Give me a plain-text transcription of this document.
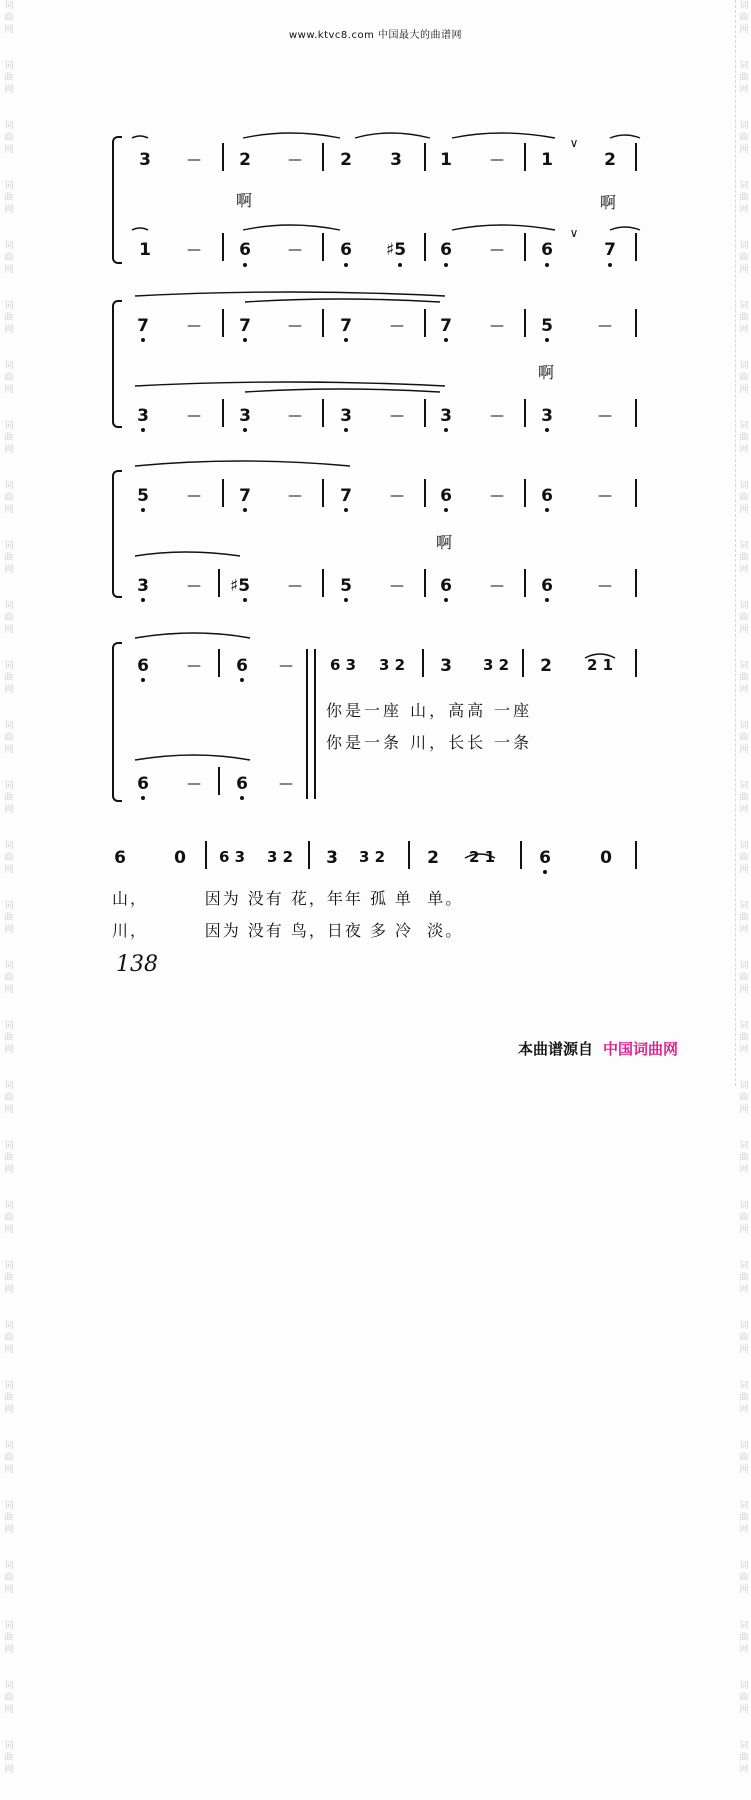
词
曲
网
词
曲
网
词
曲
网
词
曲
网
词
曲
网
词
曲
网
词
曲
网
词
曲
网
词
曲
网
词
曲
网
词
曲
网
词
曲
网
词
曲
网
词
曲
网
词
曲
网
词
曲
网
词
曲
网
词
曲
网
词
曲
网
词
曲
网
词
曲
网
词
曲
网
词
曲
网
词
曲
网
词
曲
网
词
曲
网
词
曲
网
词
曲
网
词
曲
网
词
曲
网
词
曲
网
词
曲
网
词
曲
网
词
曲
网
词
曲
网
词
曲
网
词
曲
网
词
曲
网
词
曲
网
词
曲
网
词
曲
网
词
曲
网
词
曲
网
词
曲
网
词
曲
网
词
曲
网
词
曲
网
词
曲
网
词
曲
网
词
曲
网
词
曲
网
词
曲
网
词
曲
网
词
曲
网
词
曲
网
词
曲
网
词
曲
网
词
曲
网
词
曲
网
词
曲
网
www.ktvc8.com 中国最大的曲谱网
3	— 2	— 2 3 1	— 1
∨
2
啊	啊
1	— 6	— 6 ♯5 6	— 6
∨
7
7	— 7	— 7	— 7	— 5	—
啊
3	— 3	— 3	— 3	— 3	—
5	— 7	— 7	— 6	— 6	—
啊
3	— ♯5	— 5	— 6	— 6	—
6	— 6 —
6	— 6 —
6 3 3 2 3 3 2 2 2 1
你是一座 山，高高 一座
你是一条 川，长长 一条
6	0 6 3 3 2 3 3 2 2 2 1	6	0
山，        因为 没有 花，年年 孤 单  单。
川，        因为 没有 鸟，日夜 多 冷  淡。
138
本曲谱源自 中国词曲网
